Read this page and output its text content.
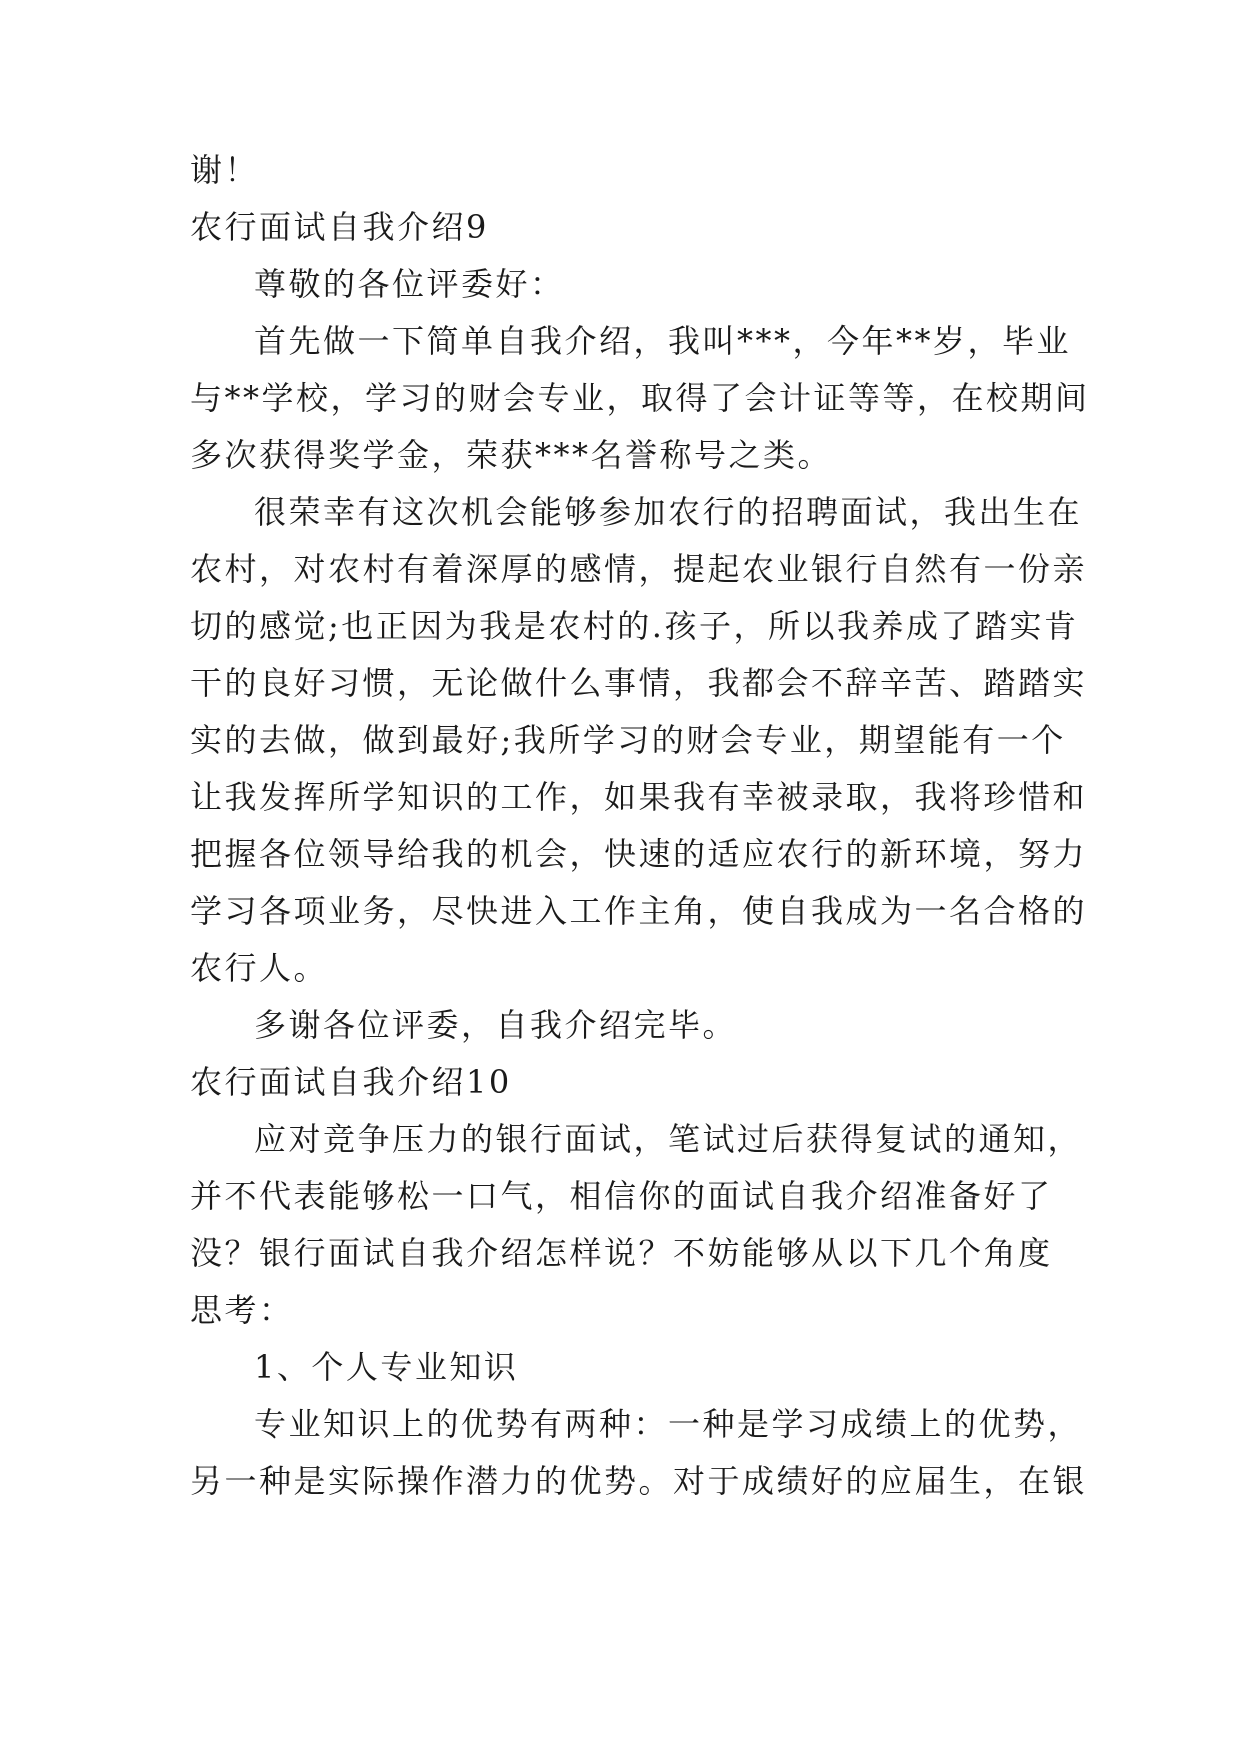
谢！
农行面试自我介绍9
尊敬的各位评委好：
首先做一下简单自我介绍，我叫***，今年**岁，毕业
与**学校，学习的财会专业，取得了会计证等等，在校期间
多次获得奖学金，荣获***名誉称号之类。
很荣幸有这次机会能够参加农行的招聘面试，我出生在
农村，对农村有着深厚的感情，提起农业银行自然有一份亲
切的感觉;也正因为我是农村的.孩子，所以我养成了踏实肯
干的良好习惯，无论做什么事情，我都会不辞辛苦、踏踏实
实的去做，做到最好;我所学习的财会专业，期望能有一个
让我发挥所学知识的工作，如果我有幸被录取，我将珍惜和
把握各位领导给我的机会，快速的适应农行的新环境，努力
学习各项业务，尽快进入工作主角，使自我成为一名合格的
农行人。
多谢各位评委，自我介绍完毕。
农行面试自我介绍10
应对竞争压力的银行面试，笔试过后获得复试的通知，
并不代表能够松一口气，相信你的面试自我介绍准备好了
没？银行面试自我介绍怎样说？不妨能够从以下几个角度
思考：
1、个人专业知识
专业知识上的优势有两种：一种是学习成绩上的优势，
另一种是实际操作潜力的优势。对于成绩好的应届生，在银
